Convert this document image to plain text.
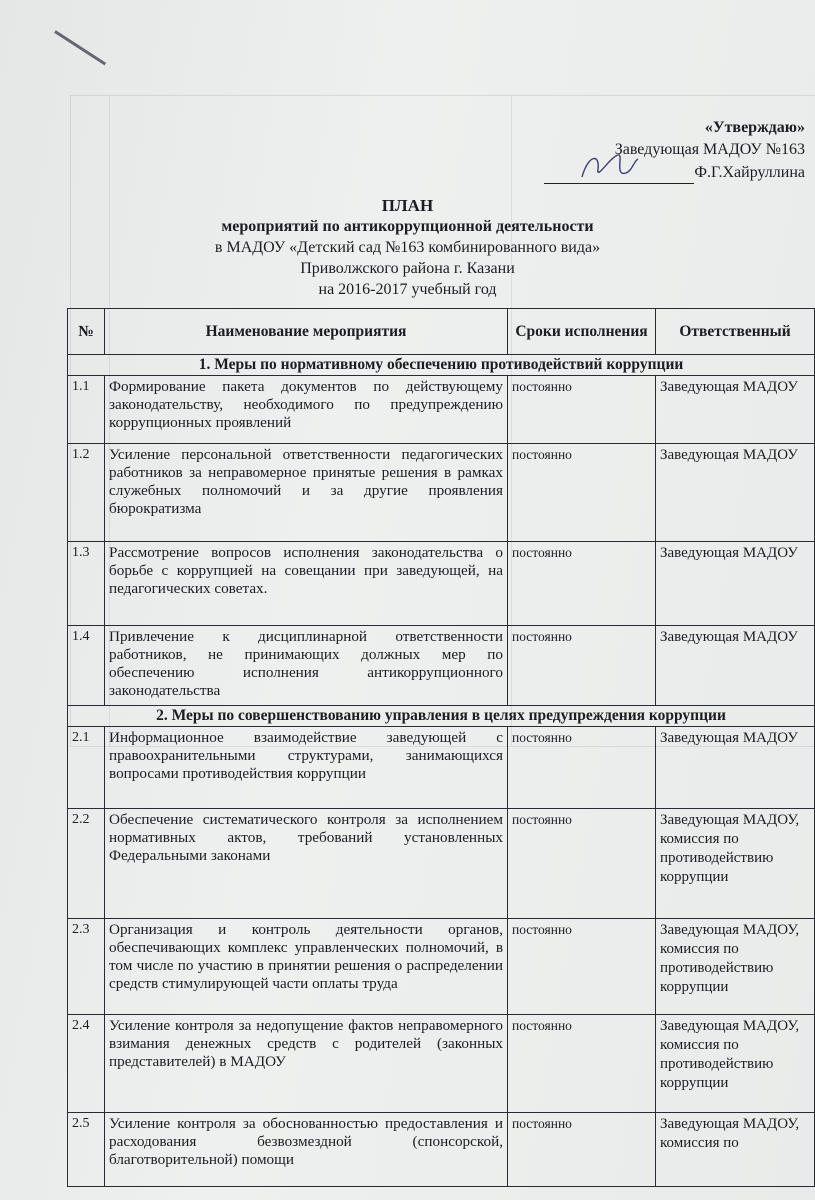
«Утверждаю»
Заведующая МАДОУ №163
Ф.Г.Хайруллина
ПЛАН
мероприятий по антикоррупционной деятельности
в МАДОУ «Детский сад №163 комбинированного вида»
Приволжского района г. Казани
на 2016-2017 учебный год
№	Наименование мероприятия	Сроки исполнения	Ответственный
1. Меры по нормативному обеспечению противодействий коррупции			
1.1	Формирование пакета документов по действующему законодательству, необходимого по предупреждению коррупционных проявлений	постоянно	Заведующая МАДОУ
1.2	Усиление персональной ответственности педагогических работников за неправомерное принятые решения в рамках служебных полномочий и за другие проявления бюрократизма	постоянно	Заведующая МАДОУ
1.3	Рассмотрение вопросов исполнения законодательства о борьбе с коррупцией на совещании при заведующей, на педагогических советах.	постоянно	Заведующая МАДОУ
1.4	Привлечение к дисциплинарной ответственности работников, не принимающих должных мер по обеспечению исполнения антикоррупционного законодательства	постоянно	Заведующая МАДОУ
2. Меры по совершенствованию управления в целях предупреждения коррупции			
2.1	Информационное взаимодействие заведующей с правоохранительными структурами, занимающихся вопросами противодействия коррупции	постоянно	Заведующая МАДОУ
2.2	Обеспечение систематического контроля за исполнением нормативных актов, требований установленных Федеральными законами	постоянно	Заведующая МАДОУ, комиссия по противодействию коррупции
2.3	Организация и контроль деятельности органов, обеспечивающих комплекс управленческих полномочий, в том числе по участию в принятии решения о распределении средств стимулирующей части оплаты труда	постоянно	Заведующая МАДОУ, комиссия по противодействию коррупции
2.4	Усиление контроля за недопущение фактов неправомерного взимания денежных средств с родителей (законных представителей) в МАДОУ	постоянно	Заведующая МАДОУ, комиссия по противодействию коррупции
2.5	Усиление контроля за обоснованностью предоставления и расходования безвозмездной (спонсорской, благотворительной) помощи	постоянно	Заведующая МАДОУ, комиссия по
